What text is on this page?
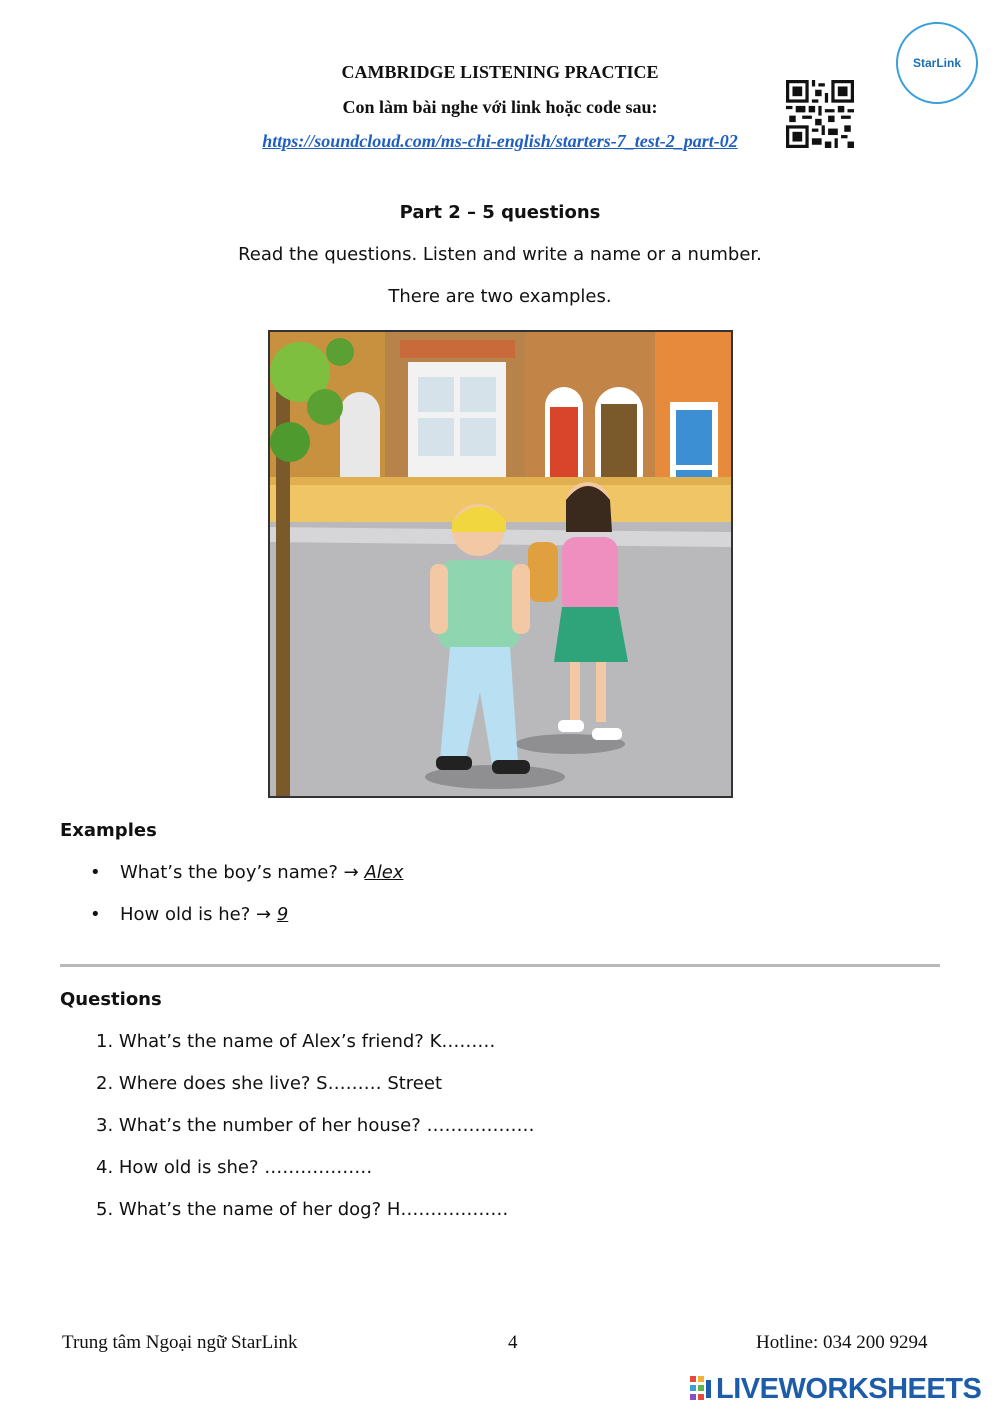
CAMBRIDGE LISTENING PRACTICE
Con làm bài nghe với link hoặc code sau:
https://soundcloud.com/ms-chi-english/starters-7_test-2_part-02
StarLink
Part 2 – 5 questions
Read the questions. Listen and write a name or a number.
There are two examples.
Examples
• What’s the boy’s name? → Alex
• How old is he? → 9
Questions
1. What’s the name of Alex’s friend? K………
2. Where does she live? S……… Street
3. What’s the number of her house? ………………
4. How old is she? ………………
5. What’s the name of her dog? H………………
Trung tâm Ngoại ngữ StarLink	4	Hotline: 034 200 9294
LIVEWORKSHEETS
